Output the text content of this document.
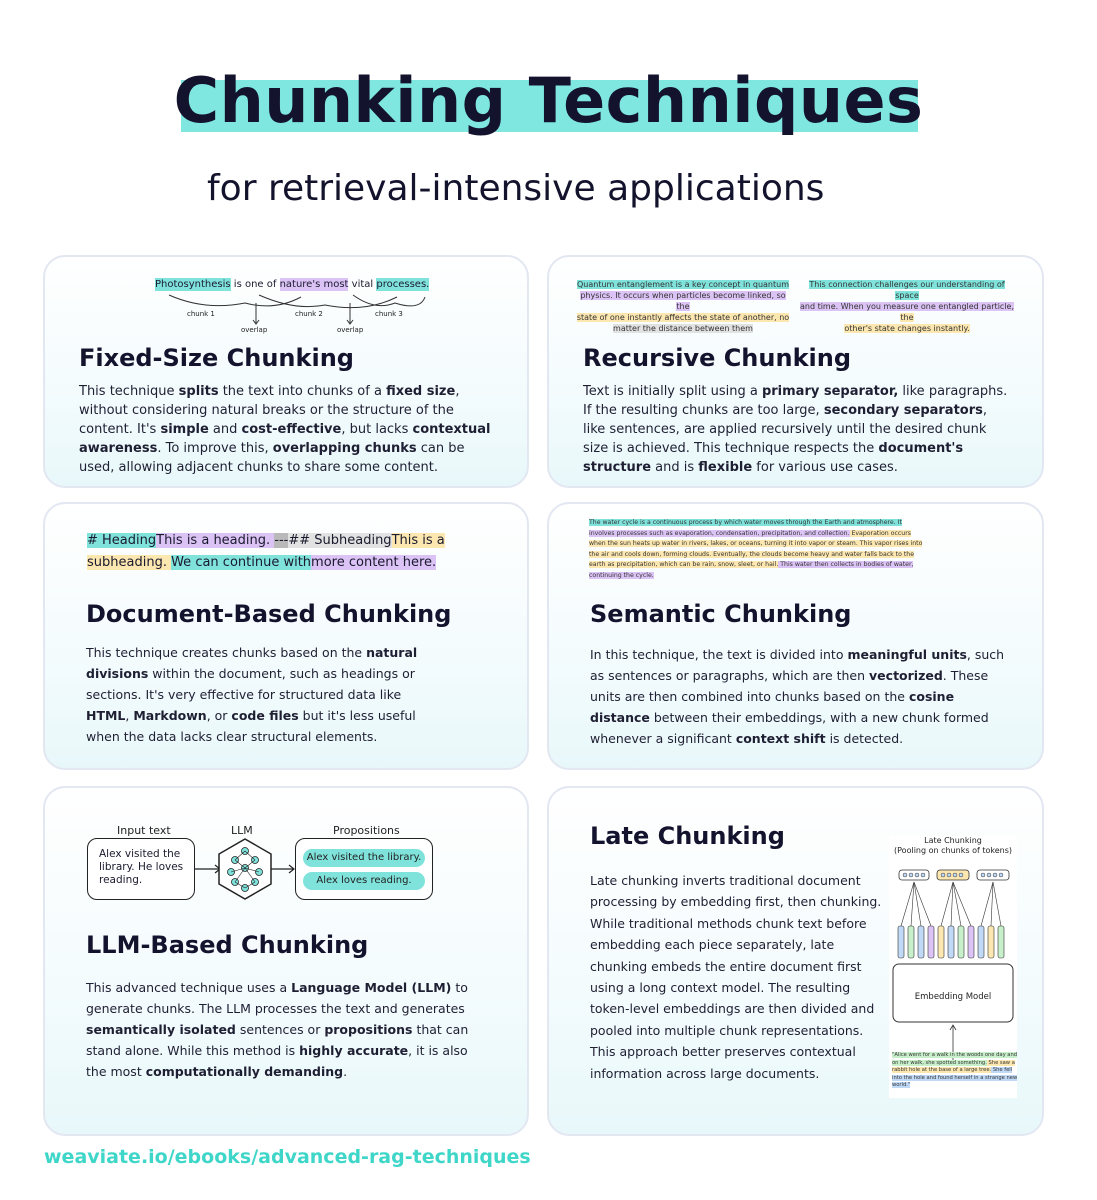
Chunking Techniques
for retrieval-intensive applications
Photosynthesis is one of nature's most vital processes.
chunk 1	chunk 2	chunk 3
overlap	overlap
Fixed-Size Chunking

This technique splits the text into chunks of a fixed size, without considering natural breaks or the structure of the content. It's simple and cost-effective, but lacks contextual awareness. To improve this, overlapping chunks can be used, allowing adjacent chunks to share some content.

Quantum entanglement is a key concept in quantum
physics. It occurs when particles become linked, so the
state of one instantly affects the state of another, no
matter the distance between them
This connection challenges our understanding of space
and time. When you measure one entangled particle, the
other's state changes instantly.
Recursive Chunking

Text is initially split using a primary separator, like paragraphs. If the resulting chunks are too large, secondary separators, like sentences, are applied recursively until the desired chunk size is achieved. This technique respects the document's structure and is flexible for various use cases.

# HeadingThis is a heading. ---## SubheadingThis is a
subheading. We can continue withmore content here.
Document-Based Chunking

This technique creates chunks based on the natural divisions within the document, such as headings or sections. It's very effective for structured data like HTML, Markdown, or code files but it's less useful when the data lacks clear structural elements.

The water cycle is a continuous process by which water moves through the Earth and atmosphere. It
involves processes such as evaporation, condensation, precipitation, and collection. Evaporation occurs
when the sun heats up water in rivers, lakes, or oceans, turning it into vapor or steam. This vapor rises into
the air and cools down, forming clouds. Eventually, the clouds become heavy and water falls back to the
earth as precipitation, which can be rain, snow, sleet, or hail. This water then collects in bodies of water,
continuing the cycle.
Semantic Chunking

In this technique, the text is divided into meaningful units, such as sentences or paragraphs, which are then vectorized. These units are then combined into chunks based on the cosine distance between their embeddings, with a new chunk formed whenever a significant context shift is detected.

Input text	LLM	Propositions
Alex visited the library. He loves reading.
Alex visited the library.
Alex loves reading.
LLM-Based Chunking

This advanced technique uses a Language Model (LLM) to generate chunks. The LLM processes the text and generates semantically isolated sentences or propositions that can stand alone. While this method is highly accurate, it is also the most computationally demanding.

Late Chunking

Late chunking inverts traditional document processing by embedding first, then chunking. While traditional methods chunk text before embedding each piece separately, late chunking embeds the entire document first using a long context model. The resulting token-level embeddings are then divided and pooled into multiple chunk representations. This approach better preserves contextual information across large documents.

Late Chunking
(Pooling on chunks of tokens)
Embedding Model
"Alice went for a walk in the woods one day and
on her walk, she spotted something. She saw a
rabbit hole at the base of a large tree. She fell
into the hole and found herself in a strange new
world."
weaviate.io/ebooks/advanced-rag-techniques
